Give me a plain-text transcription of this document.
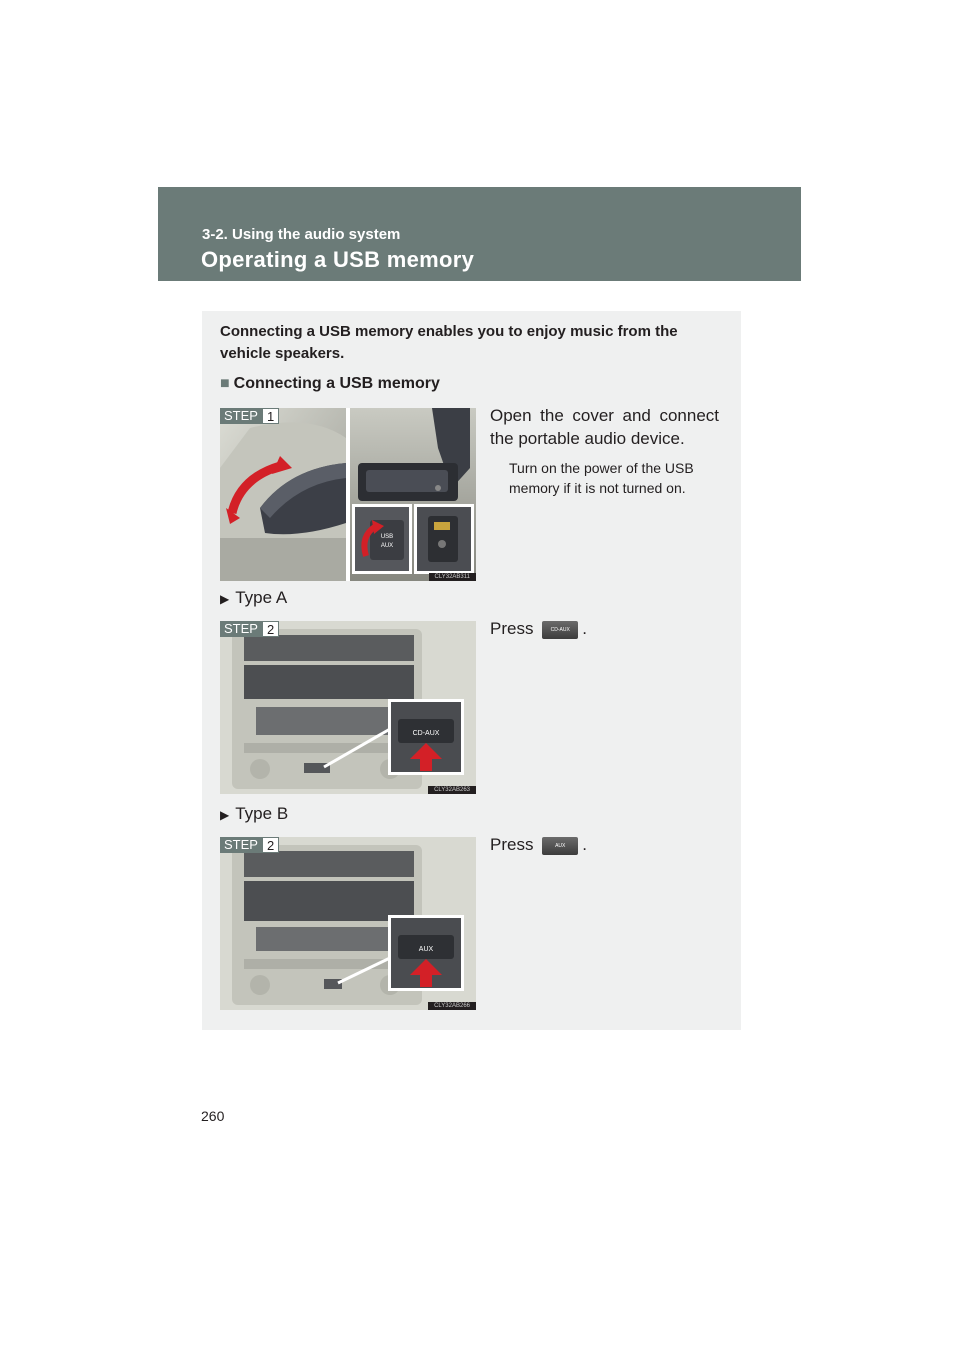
3-2. Using the audio system
Operating a USB memory
Connecting a USB memory enables you to enjoy music from the vehicle speakers.
■ Connecting a USB memory
USB
AUX
STEP 1
CLY32AB311
Open the cover and connect the portable audio device.
Turn on the power of the USB memory if it is not turned on.
▶ Type A
CD-AUX
STEP 2
CLY32AB263
Press	CD-AUX .
▶ Type B
AUX
STEP 2
CLY32AB266
Press	AUX .
260
